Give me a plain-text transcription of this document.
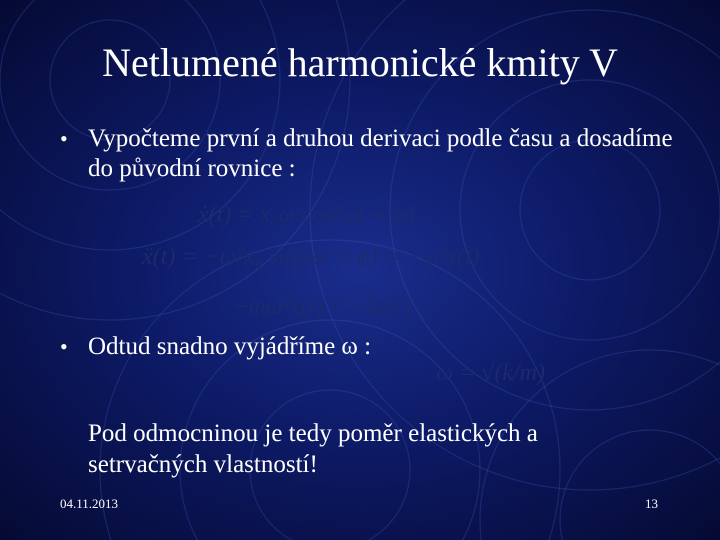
Netlumené harmonické kmity V
• Vypočteme první a druhou derivaci podle času a dosadíme do původní rovnice :
ẋ(t) = x₀ω cos(ωt + φ)
ẍ(t) = −ω²x₀ sin(ωt + φ) = −ω²x(t)
−mω²x(t) = −kx(t)
• Odtud snadno vyjádříme ω :
ω = √(k/m)
Pod odmocninou je tedy poměr elastických a setrvačných vlastností!
04.11.2013	13
